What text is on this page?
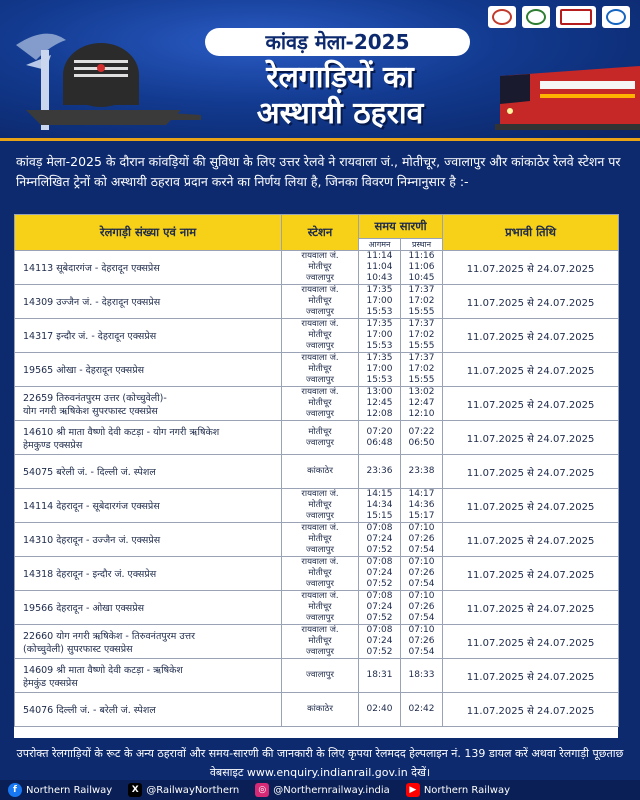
कांवड़ मेला-2025
रेलगाड़ियों का
अस्थायी ठहराव
कांवड़ मेला-2025 के दौरान कांवड़ियों की सुविधा के लिए उत्तर रेलवे ने रायवाला जं., मोतीचूर, ज्वालापुर और कांकाठेर रेलवे स्टेशन पर निम्नलिखित ट्रेनों को अस्थायी ठहराव प्रदान करने का निर्णय लिया है, जिनका विवरण निम्नानुसार है :-
रेलगाड़ी संख्या एवं नाम	स्टेशन	समय सारणी		प्रभावी तिथि
		आगमन	प्रस्थान	
14113 सूबेदारगंज - देहरादून एक्सप्रेस	रायवाला जं.
मोतीचूर
ज्वालापुर	11:14
11:04
10:43	11:16
11:06
10:45	11.07.2025 से 24.07.2025
14309 उज्जैन जं. - देहरादून एक्सप्रेस	रायवाला जं.
मोतीचूर
ज्वालापुर	17:35
17:00
15:53	17:37
17:02
15:55	11.07.2025 से 24.07.2025
14317 इन्दौर जं. - देहरादून एक्सप्रेस	रायवाला जं.
मोतीचूर
ज्वालापुर	17:35
17:00
15:53	17:37
17:02
15:55	11.07.2025 से 24.07.2025
19565 ओखा - देहरादून एक्सप्रेस	रायवाला जं.
मोतीचूर
ज्वालापुर	17:35
17:00
15:53	17:37
17:02
15:55	11.07.2025 से 24.07.2025
22659 तिरुवनंतपुरम उत्तर (कोच्चुवेली)-
योग नगरी ऋषिकेश सुपरफास्ट एक्सप्रेस	रायवाला जं.
मोतीचूर
ज्वालापुर	13:00
12:45
12:08	13:02
12:47
12:10	11.07.2025 से 24.07.2025
14610 श्री माता वैष्णो देवी कटड़ा - योग नगरी ऋषिकेश
हेमकुण्ड एक्सप्रेस	मोतीचूर
ज्वालापुर	07:20
06:48	07:22
06:50	11.07.2025 से 24.07.2025
54075 बरेली जं. - दिल्ली जं. स्पेशल	कांकाठेर	23:36	23:38	11.07.2025 से 24.07.2025
14114 देहरादून - सूबेदारगंज एक्सप्रेस	रायवाला जं.
मोतीचूर
ज्वालापुर	14:15
14:34
15:15	14:17
14:36
15:17	11.07.2025 से 24.07.2025
14310 देहरादून - उज्जैन जं. एक्सप्रेस	रायवाला जं.
मोतीचूर
ज्वालापुर	07:08
07:24
07:52	07:10
07:26
07:54	11.07.2025 से 24.07.2025
14318 देहरादून - इन्दौर जं. एक्सप्रेस	रायवाला जं.
मोतीचूर
ज्वालापुर	07:08
07:24
07:52	07:10
07:26
07:54	11.07.2025 से 24.07.2025
19566 देहरादून - ओखा एक्सप्रेस	रायवाला जं.
मोतीचूर
ज्वालापुर	07:08
07:24
07:52	07:10
07:26
07:54	11.07.2025 से 24.07.2025
22660 योग नगरी ऋषिकेश - तिरुवनंतपुरम उत्तर
(कोच्चुवेली) सुपरफास्ट एक्सप्रेस	रायवाला जं.
मोतीचूर
ज्वालापुर	07:08
07:24
07:52	07:10
07:26
07:54	11.07.2025 से 24.07.2025
14609 श्री माता वैष्णो देवी कटड़ा - ऋषिकेश
हेमकुंड एक्सप्रेस	ज्वालापुर	18:31	18:33	11.07.2025 से 24.07.2025
54076 दिल्ली जं. - बरेली जं. स्पेशल	कांकाठेर	02:40	02:42	11.07.2025 से 24.07.2025
उपरोक्त रेलगाड़ियों के रूट के अन्य ठहरावों और समय-सारणी की जानकारी के लिए कृपया रेलमदद हेल्पलाइन नं. 139 डायल करें अथवा रेलगाड़ी पूछताछ वेबसाइट www.enquiry.indianrail.gov.in देखें।
f Northern Railway	X @RailwayNorthern	◎ @Northernrailway.india	▶ Northern Railway
